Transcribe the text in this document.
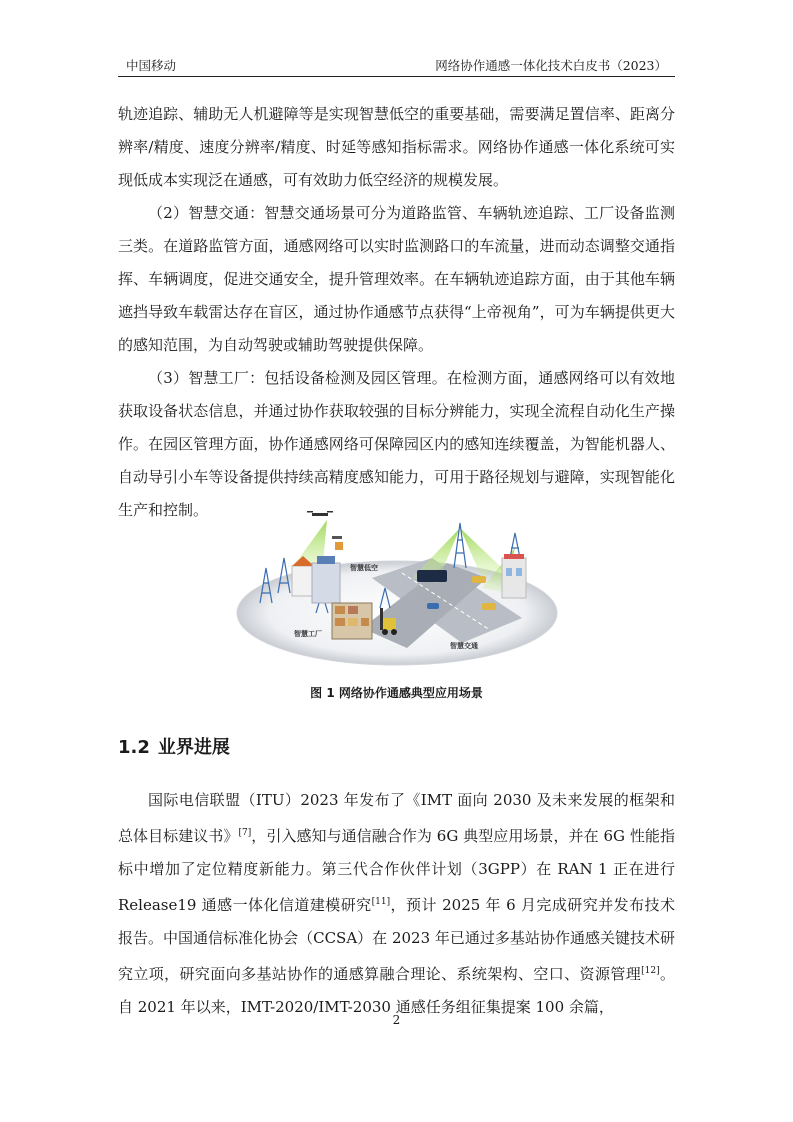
中国移动	网络协作通感一体化技术白皮书（2023）

轨迹追踪、辅助无人机避障等是实现智慧低空的重要基础，需要满足置信率、距离分辨率/精度、速度分辨率/精度、时延等感知指标需求。网络协作通感一体化系统可实现低成本实现泛在通感，可有效助力低空经济的规模发展。

（2）智慧交通：智慧交通场景可分为道路监管、车辆轨迹追踪、工厂设备监测三类。在道路监管方面，通感网络可以实时监测路口的车流量，进而动态调整交通指挥、车辆调度，促进交通安全，提升管理效率。在车辆轨迹追踪方面，由于其他车辆遮挡导致车载雷达存在盲区，通过协作通感节点获得“上帝视角”，可为车辆提供更大的感知范围，为自动驾驶或辅助驾驶提供保障。

（3）智慧工厂：包括设备检测及园区管理。在检测方面，通感网络可以有效地获取设备状态信息，并通过协作获取较强的目标分辨能力，实现全流程自动化生产操作。在园区管理方面，协作通感网络可保障园区内的感知连续覆盖，为智能机器人、自动导引小车等设备提供持续高精度感知能力，可用于路径规划与避障，实现智能化生产和控制。

智慧低空
智慧工厂
智慧交通
图 1 网络协作通感典型应用场景
1.2 业界进展

国际电信联盟（ITU）2023 年发布了《IMT 面向 2030 及未来发展的框架和总体目标建议书》[7]，引入感知与通信融合作为 6G 典型应用场景，并在 6G 性能指标中增加了定位精度新能力。第三代合作伙伴计划（3GPP）在 RAN 1 正在进行 Release19 通感一体化信道建模研究[11]，预计 2025 年 6 月完成研究并发布技术报告。中国通信标准化协会（CCSA）在 2023 年已通过多基站协作通感关键技术研究立项，研究面向多基站协作的通感算融合理论、系统架构、空口、资源管理[12]。自 2021 年以来，IMT-2020/IMT-2030 通感任务组征集提案 100 余篇，

2
